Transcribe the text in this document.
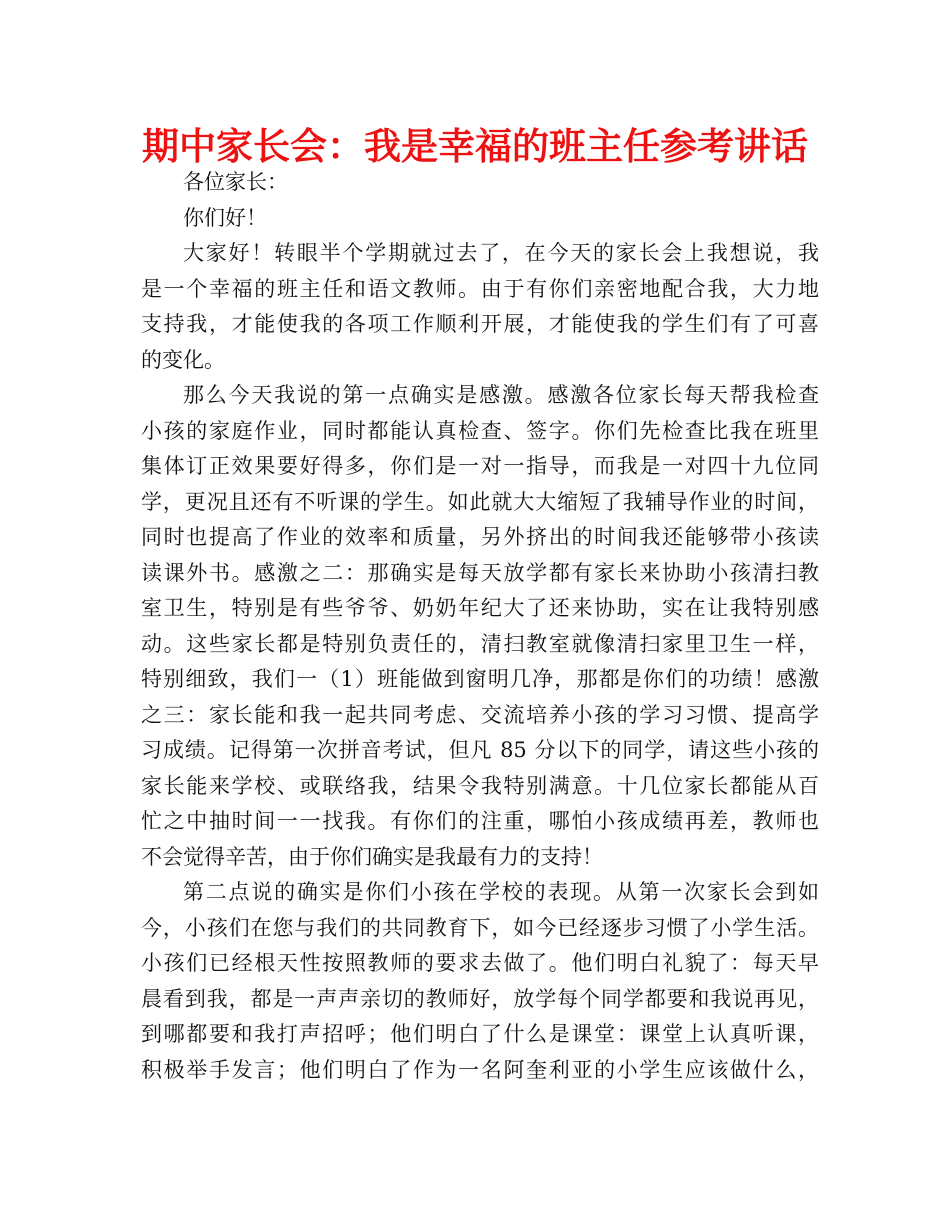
期中家长会：我是幸福的班主任参考讲话
各位家长：
你们好！
大家好！转眼半个学期就过去了，在今天的家长会上我想说，我
是一个幸福的班主任和语文教师。由于有你们亲密地配合我，大力地
支持我，才能使我的各项工作顺利开展，才能使我的学生们有了可喜
的变化。
那么今天我说的第一点确实是感激。感激各位家长每天帮我检查
小孩的家庭作业，同时都能认真检查、签字。你们先检查比我在班里
集体订正效果要好得多，你们是一对一指导，而我是一对四十九位同
学，更况且还有不听课的学生。如此就大大缩短了我辅导作业的时间，
同时也提高了作业的效率和质量，另外挤出的时间我还能够带小孩读
读课外书。感激之二：那确实是每天放学都有家长来协助小孩清扫教
室卫生，特别是有些爷爷、奶奶年纪大了还来协助，实在让我特别感
动。这些家长都是特别负责任的，清扫教室就像清扫家里卫生一样，
特别细致，我们一（1）班能做到窗明几净，那都是你们的功绩！感激
之三：家长能和我一起共同考虑、交流培养小孩的学习习惯、提高学
习成绩。记得第一次拼音考试，但凡 85 分以下的同学，请这些小孩的
家长能来学校、或联络我，结果令我特别满意。十几位家长都能从百
忙之中抽时间一一找我。有你们的注重，哪怕小孩成绩再差，教师也
不会觉得辛苦，由于你们确实是我最有力的支持！
第二点说的确实是你们小孩在学校的表现。从第一次家长会到如
今，小孩们在您与我们的共同教育下，如今已经逐步习惯了小学生活。
小孩们已经根天性按照教师的要求去做了。他们明白礼貌了：每天早
晨看到我，都是一声声亲切的教师好，放学每个同学都要和我说再见，
到哪都要和我打声招呼；他们明白了什么是课堂：课堂上认真听课，
积极举手发言；他们明白了作为一名阿奎利亚的小学生应该做什么，
